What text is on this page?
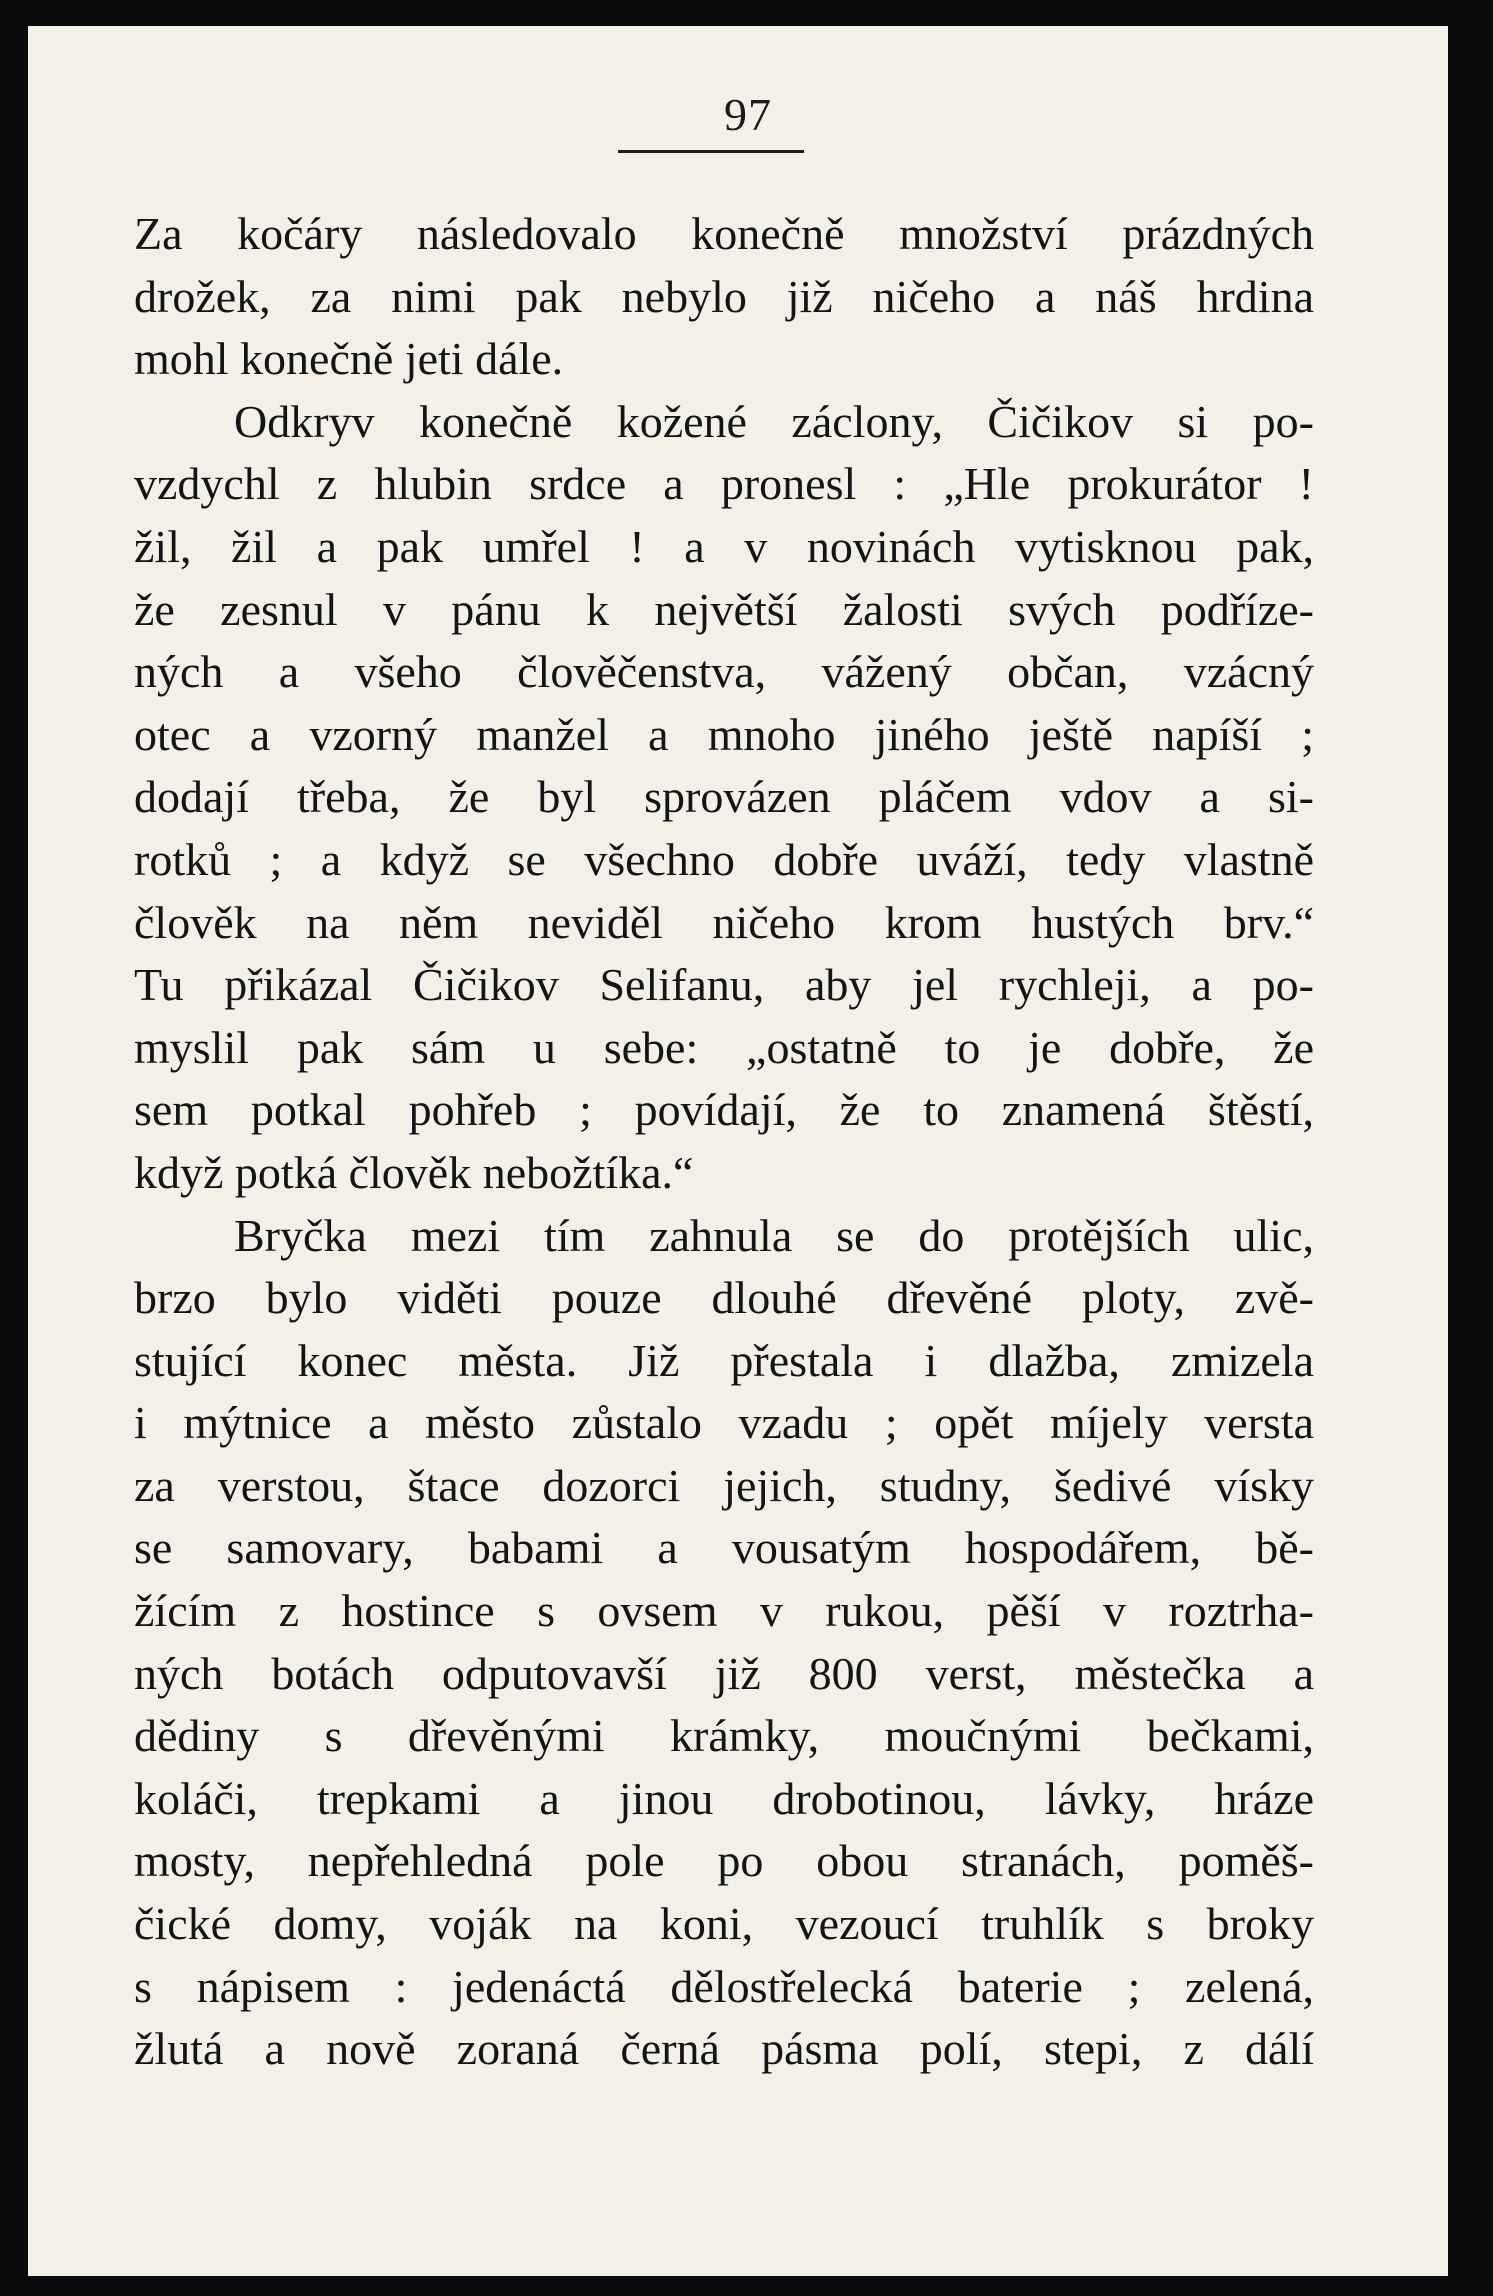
97
Za kočáry následovalo konečně množství prázdných
drožek, za nimi pak nebylo již ničeho a náš hrdina
mohl konečně jeti dále.
Odkryv konečně kožené záclony, Čičikov si po-
vzdychl z hlubin srdce a pronesl : „Hle prokurátor !
žil, žil a pak umřel ! a v novinách vytisknou pak,
že zesnul v pánu k největší žalosti svých podříze-
ných a všeho člověčenstva, vážený občan, vzácný
otec a vzorný manžel a mnoho jiného ještě napíší ;
dodají třeba, že byl sprovázen pláčem vdov a si-
rotků ; a když se všechno dobře uváží, tedy vlastně
člověk na něm neviděl ničeho krom hustých brv.“
Tu přikázal Čičikov Selifanu, aby jel rychleji, a po-
myslil pak sám u sebe: „ostatně to je dobře, že
sem potkal pohřeb ; povídají, že to znamená štěstí,
když potká člověk nebožtíka.“
Bryčka mezi tím zahnula se do protějších ulic,
brzo bylo viděti pouze dlouhé dřevěné ploty, zvě-
stující konec města. Již přestala i dlažba, zmizela
i mýtnice a město zůstalo vzadu ; opět míjely versta
za verstou, štace dozorci jejich, studny, šedivé vísky
se samovary, babami a vousatým hospodářem, bě-
žícím z hostince s ovsem v rukou, pěší v roztrha-
ných botách odputovavší již 800 verst, městečka a
dědiny s dřevěnými krámky, moučnými bečkami,
koláči, trepkami a jinou drobotinou, lávky, hráze
mosty, nepřehledná pole po obou stranách, poměš-
čické domy, voják na koni, vezoucí truhlík s broky
s nápisem : jedenáctá dělostřelecká baterie ; zelená,
žlutá a nově zoraná černá pásma polí, stepi, z dálí
